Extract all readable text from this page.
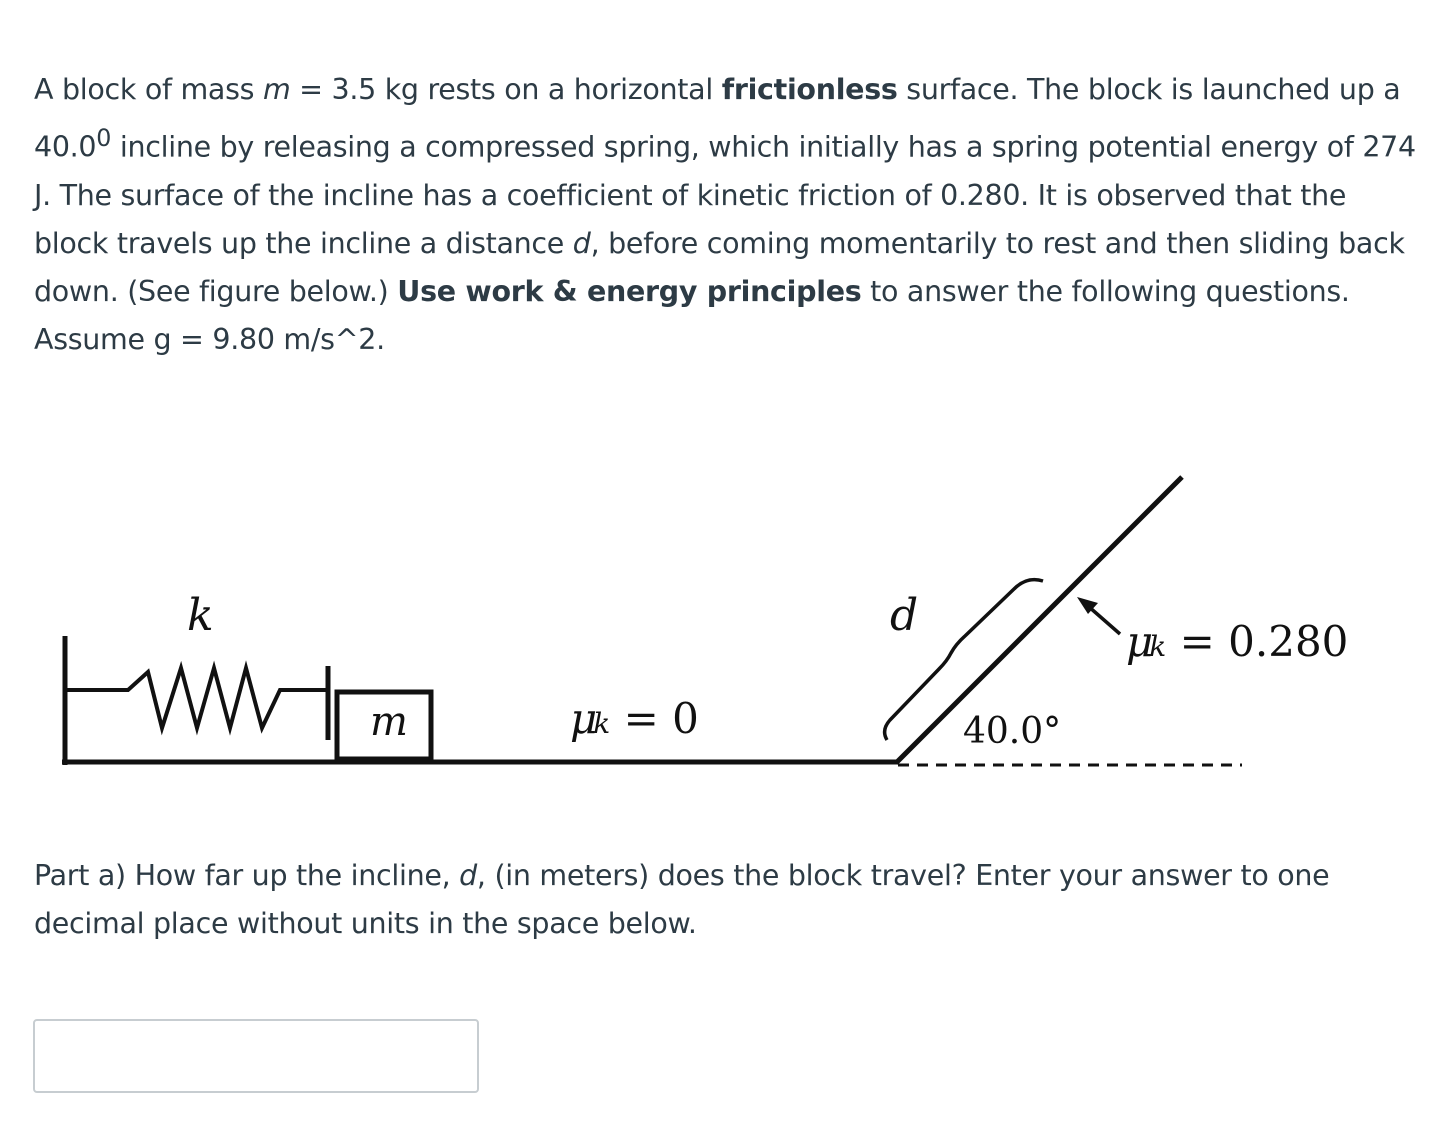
A block of mass m = 3.5 kg rests on a horizontal frictionless surface. The block is launched up a 40.0$^0$ incline by releasing a compressed spring, which initially has a spring potential energy of 274 J. The surface of the incline has a coefficient of kinetic friction of 0.280. It is observed that the block travels up the incline a distance d, before coming momentarily to rest and then sliding back down. (See figure below.) Use work & energy principles to answer the following questions. Assume g = 9.80 m/s^2.

k
m	μk = 0
d
μk = 0.280
40.0°

Part a) How far up the incline, d, (in meters) does the block travel? Enter your answer to one decimal place without units in the space below.
